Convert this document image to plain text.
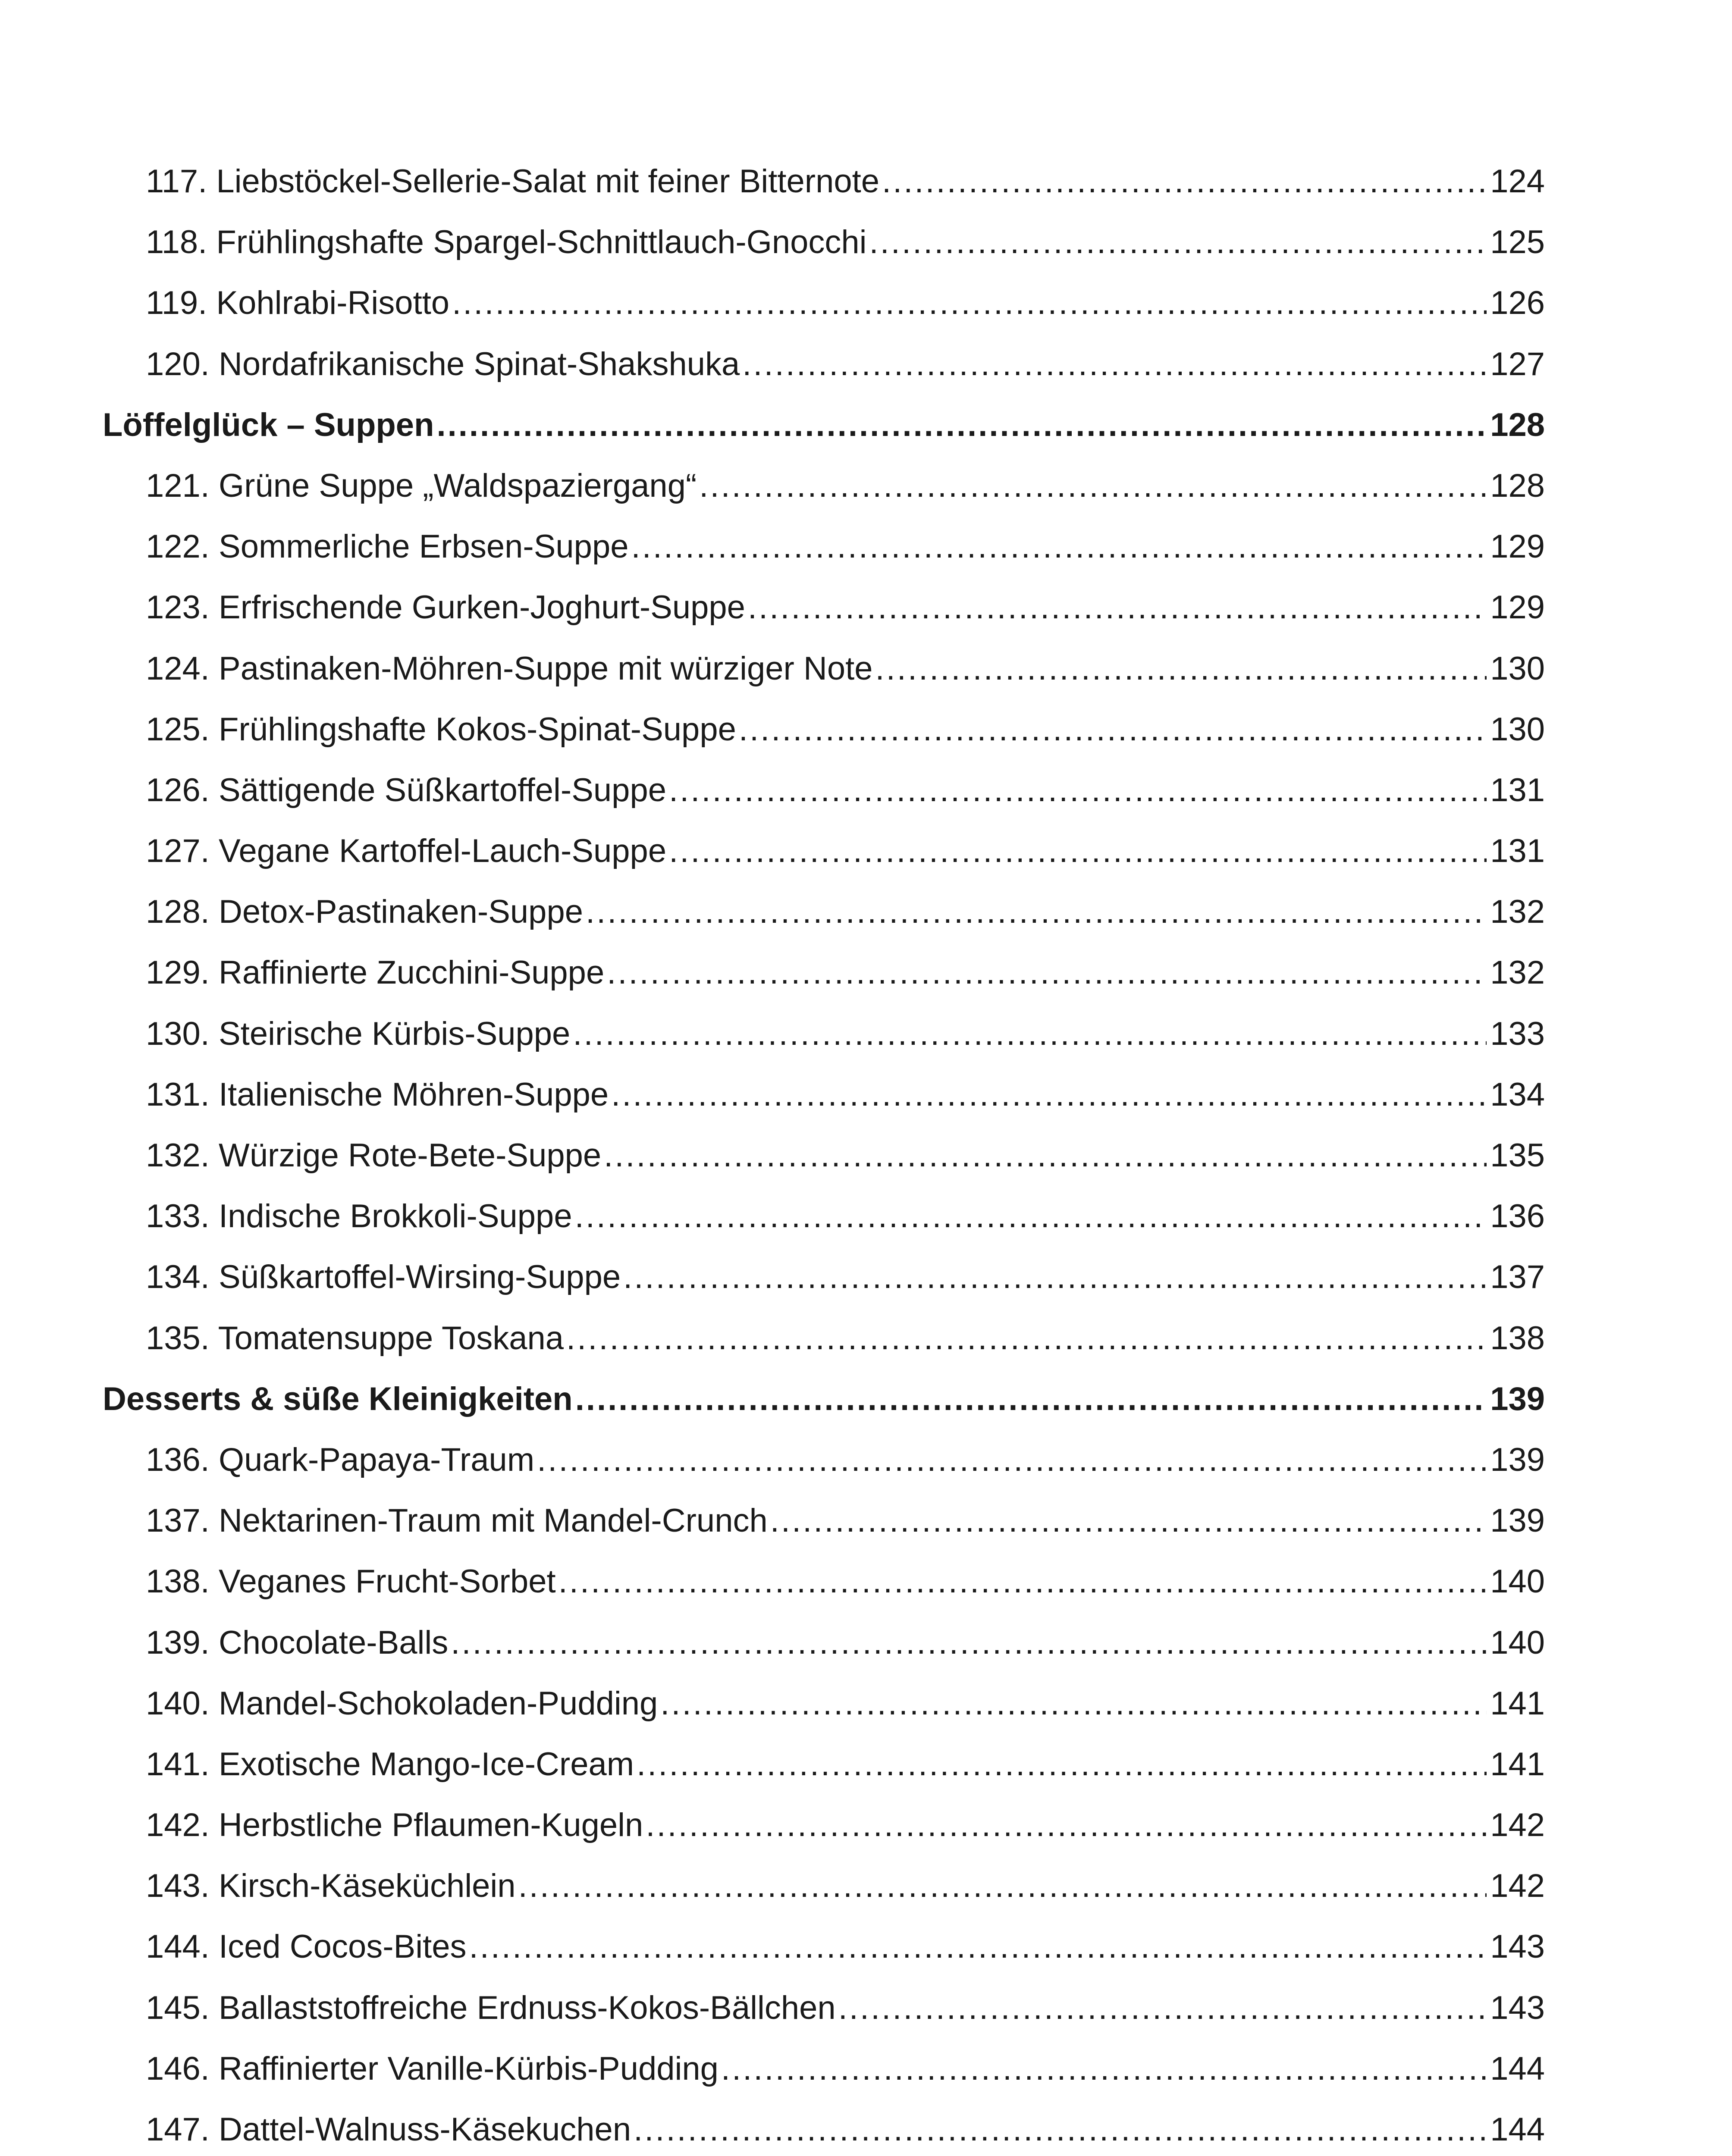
117. Liebstöckel-Sellerie-Salat mit feiner Bitternote .....	124
118. Frühlingshafte Spargel-Schnittlauch-Gnocchi .....	125
119. Kohlrabi-Risotto .....	126
120. Nordafrikanische Spinat-Shakshuka .....	127
Löffelglück – Suppen .....	128
121. Grüne Suppe „Waldspaziergang“ .....	128
122. Sommerliche Erbsen-Suppe .....	129
123. Erfrischende Gurken-Joghurt-Suppe .....	129
124. Pastinaken-Möhren-Suppe mit würziger Note .....	130
125. Frühlingshafte Kokos-Spinat-Suppe .....	130
126. Sättigende Süßkartoffel-Suppe .....	131
127. Vegane Kartoffel-Lauch-Suppe .....	131
128. Detox-Pastinaken-Suppe .....	132
129. Raffinierte Zucchini-Suppe .....	132
130. Steirische Kürbis-Suppe .....	133
131. Italienische Möhren-Suppe .....	134
132. Würzige Rote-Bete-Suppe .....	135
133. Indische Brokkoli-Suppe .....	136
134. Süßkartoffel-Wirsing-Suppe .....	137
135. Tomatensuppe Toskana .....	138
Desserts & süße Kleinigkeiten .....	139
136. Quark-Papaya-Traum .....	139
137. Nektarinen-Traum mit Mandel-Crunch .....	139
138. Veganes Frucht-Sorbet .....	140
139. Chocolate-Balls .....	140
140. Mandel-Schokoladen-Pudding .....	141
141. Exotische Mango-Ice-Cream .....	141
142. Herbstliche Pflaumen-Kugeln .....	142
143. Kirsch-Käseküchlein .....	142
144. Iced Cocos-Bites .....	143
145. Ballaststoffreiche Erdnuss-Kokos-Bällchen .....	143
146. Raffinierter Vanille-Kürbis-Pudding .....	144
147. Dattel-Walnuss-Käsekuchen .....	144
